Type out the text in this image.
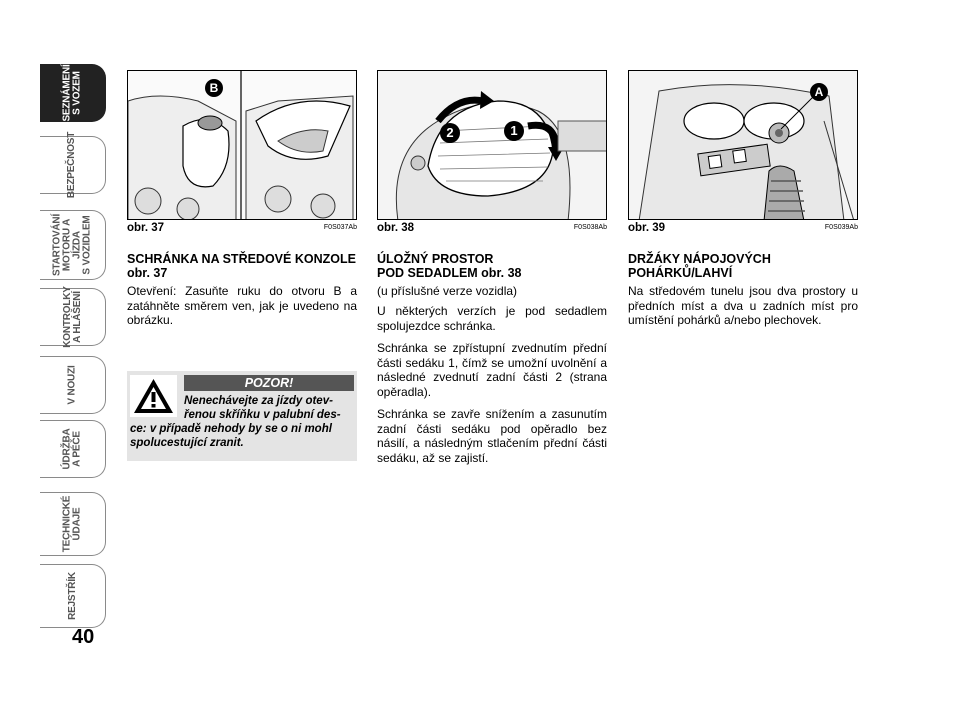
SEZNÁMENÍ
S VOZEM
BEZPEČNOST
STARTOVÁNÍ
MOTORU A JÍZDA
S VOZIDLEM
KONTROLKY
A HLÁŠENÍ
V NOUZI
ÚDRŽBA
A PÉČE
TECHNICKÉ
ÚDAJE
REJSTŘÍK
40
B
obr. 37	F0S037Ab
SCHRÁNKA NA STŘEDOVÉ KONZOLE obr. 37

Otevření: Zasuňte ruku do otvoru B a zatáhněte směrem ven, jak je uvedeno na obrázku.

POZOR!
Nenechávejte za jízdy otev-
řenou skříňku v palubní des-
ce: v případě nehody by se o ni mohl spolucestující zranit.
2	1
obr. 38	F0S038Ab
ÚLOŽNÝ PROSTOR
POD SEDADLEM obr. 38
(u příslušné verze vozidla)

U některých verzích je pod sedadlem spolujezdce schránka.

Schránka se zpřístupní zvednutím přední části sedáku 1, čímž se umožní uvolnění a následné zvednutí zadní části 2 (strana opěradla).

Schránka se zavře snížením a zasunutím zadní části sedáku pod opěradlo bez násilí, a následným stlačením přední části sedáku, až se zajistí.

A
obr. 39	F0S039Ab
DRŽÁKY NÁPOJOVÝCH
POHÁRKŮ/LAHVÍ

Na středovém tunelu jsou dva prostory u předních míst a dva u zadních míst pro umístění pohárků a/nebo plechovek.
